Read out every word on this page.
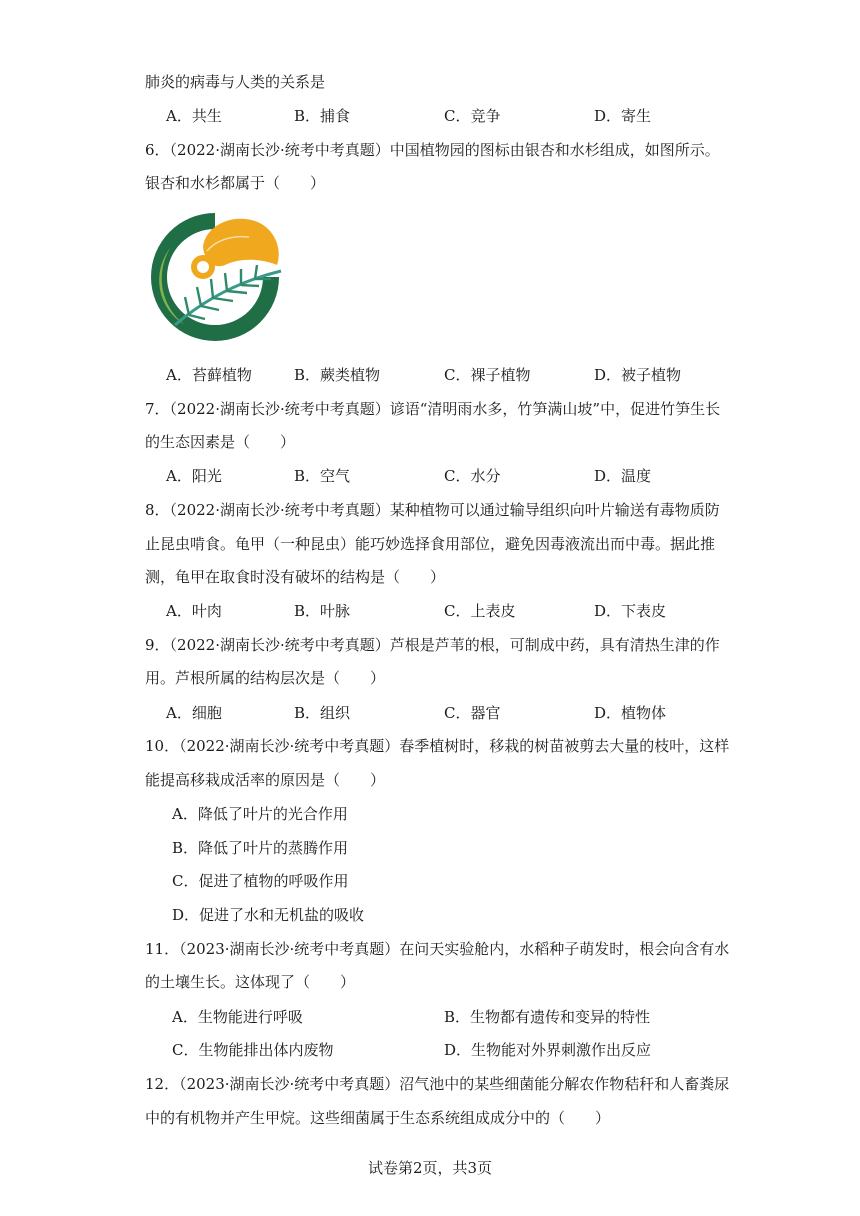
肺炎的病毒与人类的关系是
A．共生	B．捕食	C．竞争	D．寄生
6．（2022·湖南长沙·统考中考真题）中国植物园的图标由银杏和水杉组成，如图所示。
银杏和水杉都属于（　　）
A．苔藓植物	B．蕨类植物	C．裸子植物	D．被子植物
7．（2022·湖南长沙·统考中考真题）谚语“清明雨水多，竹笋满山坡”中，促进竹笋生长
的生态因素是（　　）
A．阳光	B．空气	C．水分	D．温度
8．（2022·湖南长沙·统考中考真题）某种植物可以通过输导组织向叶片输送有毒物质防
止昆虫啃食。龟甲（一种昆虫）能巧妙选择食用部位，避免因毒液流出而中毒。据此推
测，龟甲在取食时没有破坏的结构是（　　）
A．叶肉	B．叶脉	C．上表皮	D．下表皮
9．（2022·湖南长沙·统考中考真题）芦根是芦苇的根，可制成中药，具有清热生津的作
用。芦根所属的结构层次是（　　）
A．细胞	B．组织	C．器官	D．植物体
10．（2022·湖南长沙·统考中考真题）春季植树时，移栽的树苗被剪去大量的枝叶，这样
能提高移栽成活率的原因是（　　）
A．降低了叶片的光合作用
B．降低了叶片的蒸腾作用
C．促进了植物的呼吸作用
D．促进了水和无机盐的吸收
11．（2023·湖南长沙·统考中考真题）在问天实验舱内，水稻种子萌发时，根会向含有水
的土壤生长。这体现了（　　）
A．生物能进行呼吸	B．生物都有遗传和变异的特性
C．生物能排出体内废物	D．生物能对外界刺激作出反应
12．（2023·湖南长沙·统考中考真题）沼气池中的某些细菌能分解农作物秸秆和人畜粪尿
中的有机物并产生甲烷。这些细菌属于生态系统组成成分中的（　　）
试卷第2页，共3页
